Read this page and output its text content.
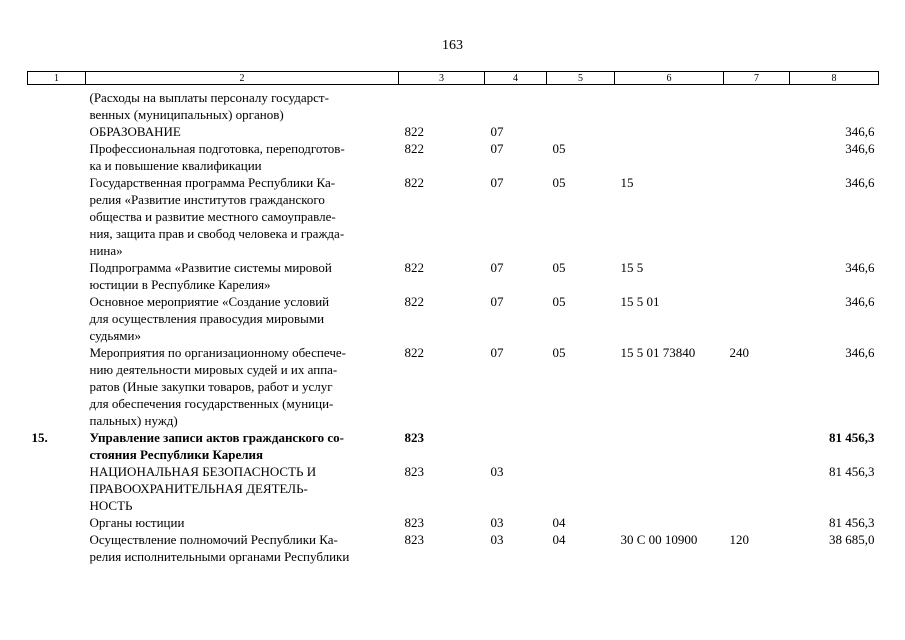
163
1	2	3	4	5	6	7	8

	(Расходы на выплаты персоналу государст-
венных (муниципальных) органов)						
	ОБРАЗОВАНИЕ	822	07				346,6
	Профессиональная подготовка, переподготов-
ка и повышение квалификации	822	07	05			346,6
	Государственная программа Республики Ка-
релия «Развитие институтов гражданского
общества и развитие местного самоуправле-
ния, защита прав и свобод человека и гражда-
нина»	822	07	05	15		346,6
	Подпрограмма «Развитие системы мировой
юстиции в Республике Карелия»	822	07	05	15 5		346,6
	Основное мероприятие «Создание условий
для осуществления правосудия мировыми
судьями»	822	07	05	15 5 01		346,6
	Мероприятия по организационному обеспече-
нию деятельности мировых судей и их аппа-
ратов (Иные закупки товаров, работ и услуг
для обеспечения государственных (муници-
пальных) нужд)	822	07	05	15 5 01 73840	240	346,6
15.	Управление записи актов гражданского со-
стояния Республики Карелия	823					81 456,3
	НАЦИОНАЛЬНАЯ БЕЗОПАСНОСТЬ И
ПРАВООХРАНИТЕЛЬНАЯ ДЕЯТЕЛЬ-
НОСТЬ	823	03				81 456,3
	Органы юстиции	823	03	04			81 456,3
	Осуществление полномочий Республики Ка-
релия исполнительными органами Республики	823	03	04	30 С 00 10900	120	38 685,0
